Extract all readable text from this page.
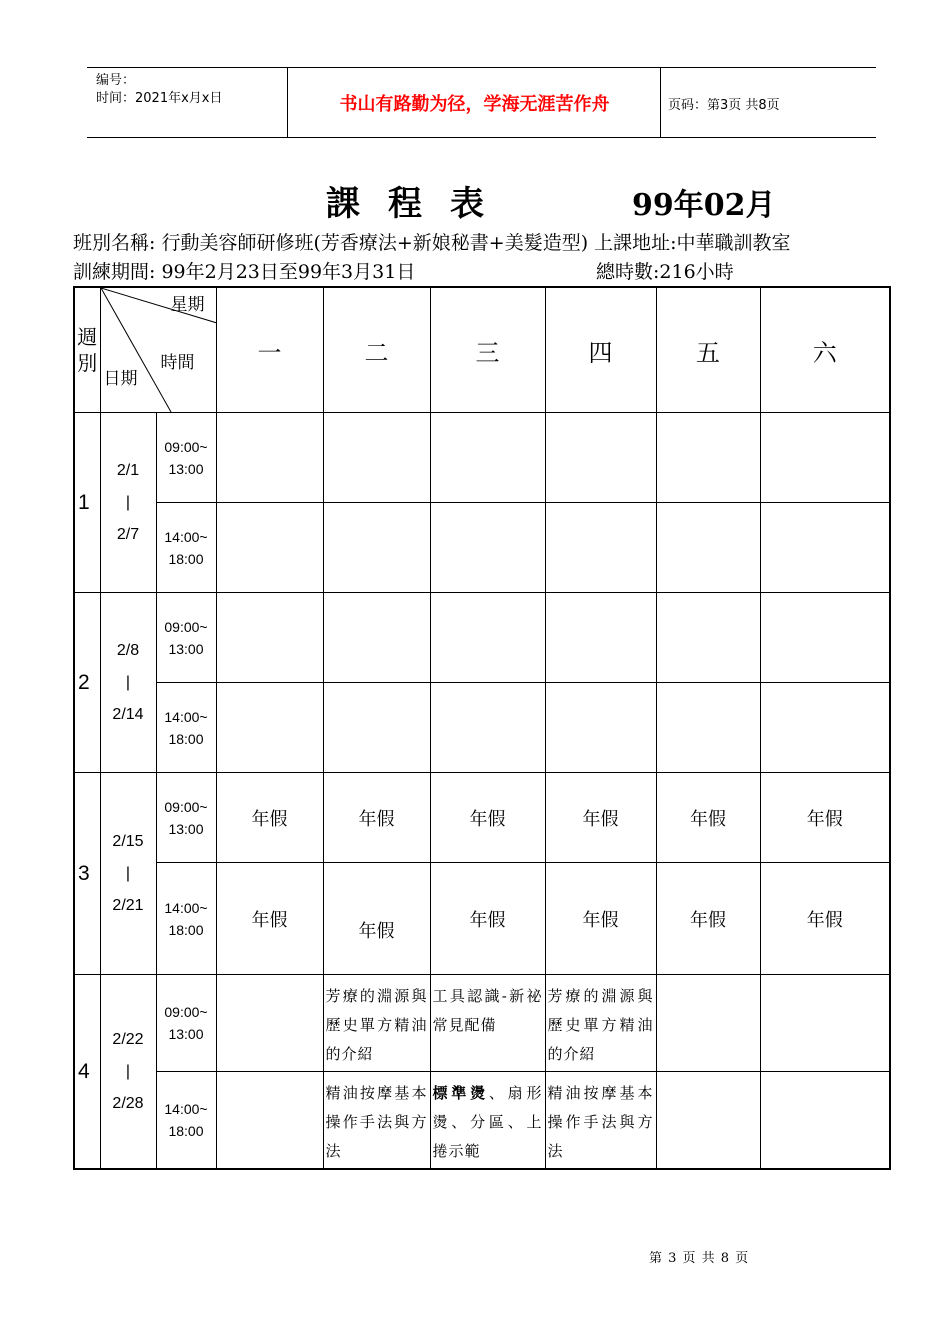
编号：
时间：2021年x月x日	书山有路勤为径，学海无涯苦作舟	页码：第3页 共8页
課程表	99年02月
班別名稱: 行動美容師研修班(芳香療法+新娘秘書+美髮造型) 上課地址:中華職訓教室
訓練期間: 99年2月23日至99年3月31日	總時數:216小時
週別	星期
時間
日期		一	二	三	四	五	六
1	2/1
|
2/7	09:00~ 13:00						
		14:00~ 18:00						
2	2/8
|
2/14	09:00~ 13:00						
		14:00~ 18:00						
3	2/15
|
2/21	09:00~ 13:00	年假	年假	年假	年假	年假	年假
		14:00~ 18:00	年假	年假	年假	年假	年假	年假
4	2/22
|
2/28	09:00~ 13:00		芳療的淵源與歷史單方精油的介紹	工具認識-新祕常見配備	芳療的淵源與歷史單方精油的介紹		
		14:00~ 18:00		精油按摩基本操作手法與方法	標準燙、扇形燙、分區、上捲示範	精油按摩基本操作手法與方法		
第 3 页 共 8 页
